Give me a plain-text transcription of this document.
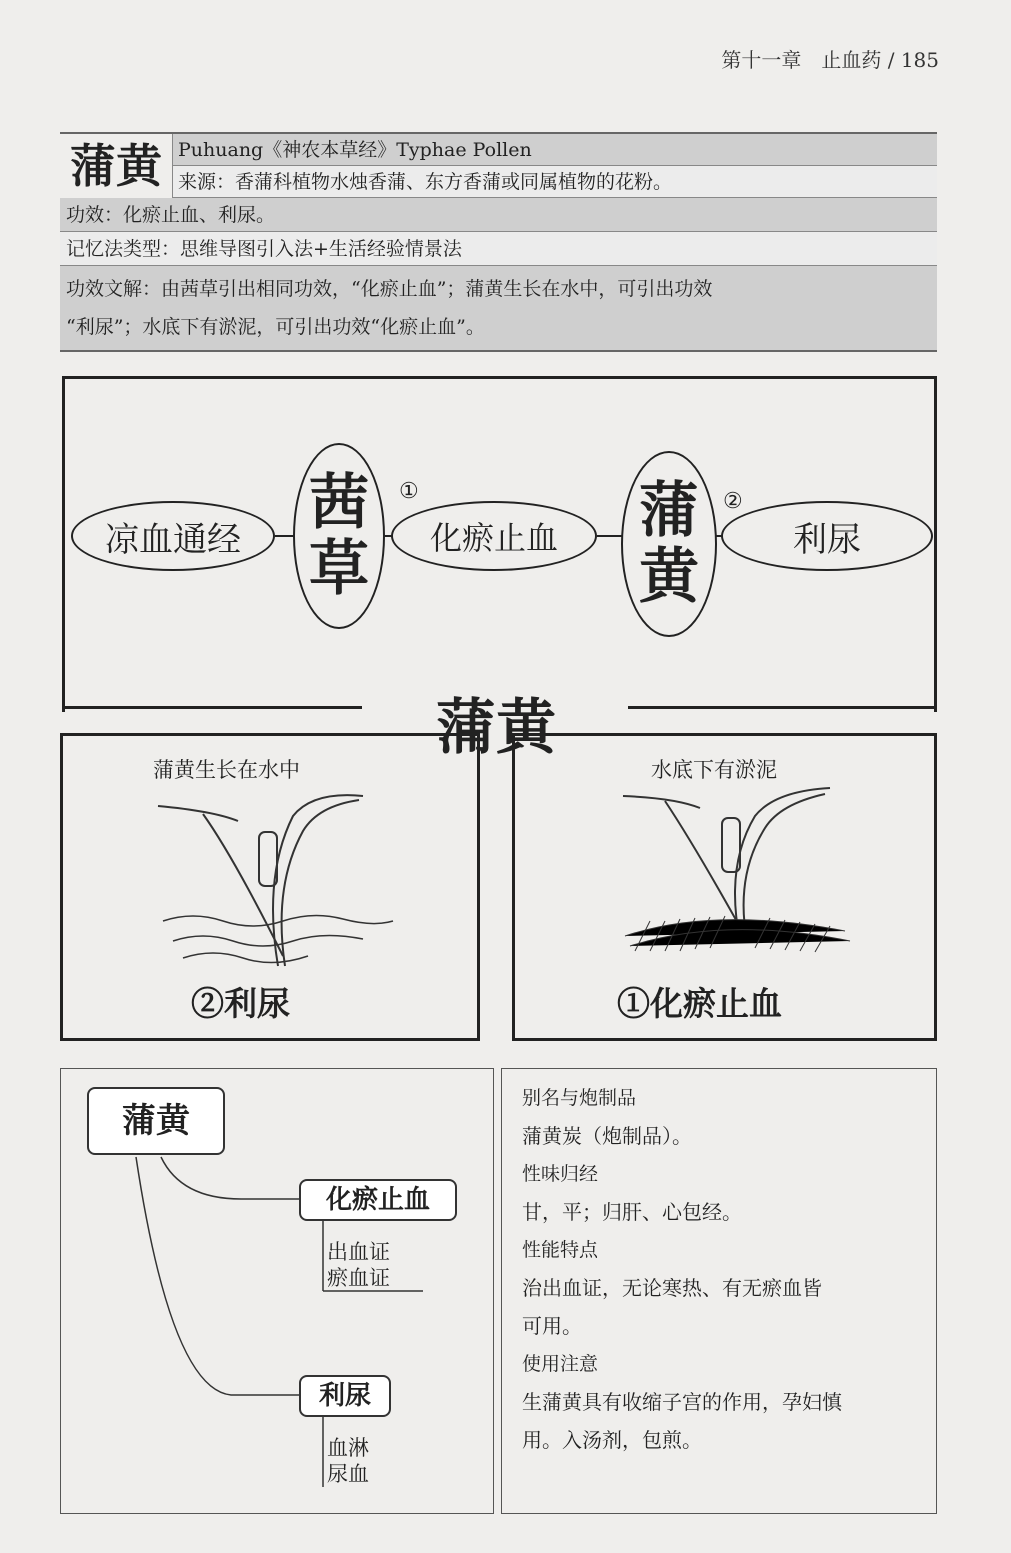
第十一章　止血药 / 185
蒲黄 Puhuang《神农本草经》Typhae Pollen
来源：香蒲科植物水烛香蒲、东方香蒲或同属植物的花粉。
功效：化瘀止血、利尿。
记忆法类型：思维导图引入法+生活经验情景法
功效文解：由茜草引出相同功效，“化瘀止血”；蒲黄生长在水中，可引出功效
“利尿”；水底下有淤泥，可引出功效“化瘀止血”。
凉血通经
茜草
①
化瘀止血	蒲黄
②
利尿
蒲黄
蒲黄生长在水中
②利尿
水底下有淤泥
①化瘀止血
蒲黄
化瘀止血
出血证
瘀血证
利尿
血淋
尿血
别名与炮制品
蒲黄炭（炮制品）。
性味归经
甘，平；归肝、心包经。
性能特点
治出血证，无论寒热、有无瘀血皆
可用。
使用注意
生蒲黄具有收缩子宫的作用，孕妇慎
用。入汤剂，包煎。
